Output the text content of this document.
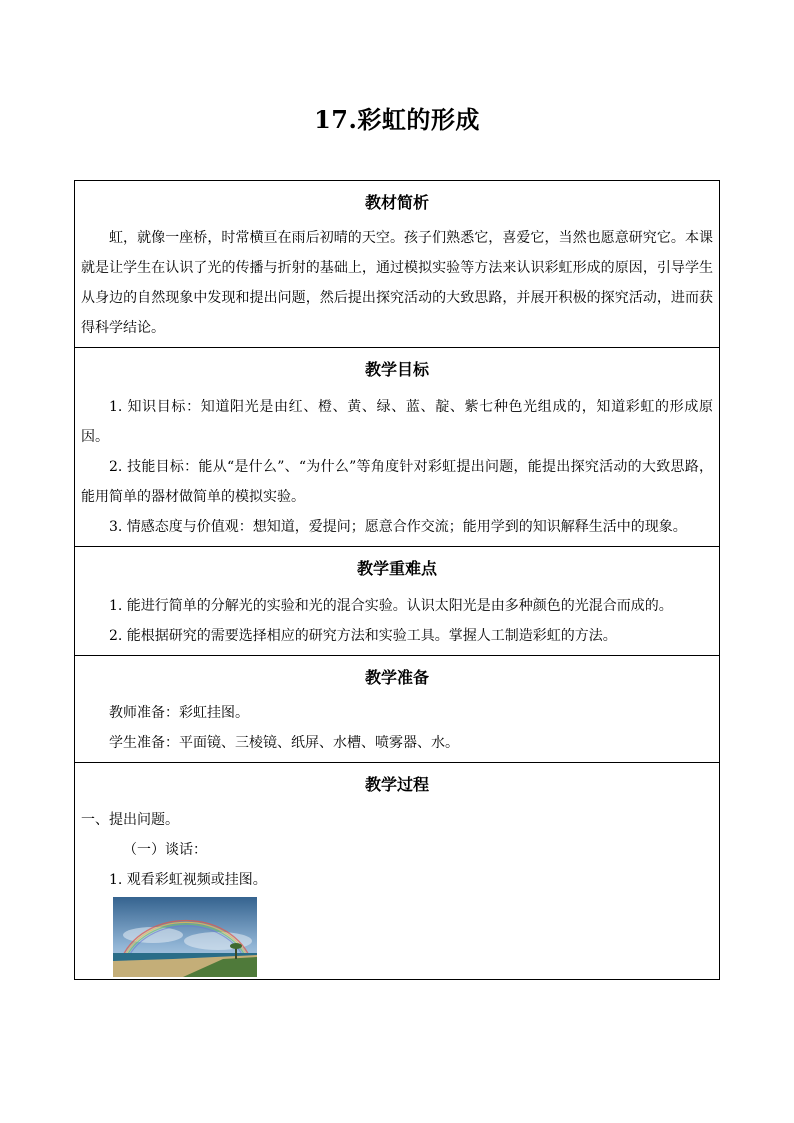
17.彩虹的形成
教材简析

虹，就像一座桥，时常横亘在雨后初晴的天空。孩子们熟悉它，喜爱它，当然也愿意研究它。本课就是让学生在认识了光的传播与折射的基础上，通过模拟实验等方法来认识彩虹形成的原因，引导学生从身边的自然现象中发现和提出问题，然后提出探究活动的大致思路，并展开积极的探究活动，进而获得科学结论。

教学目标

1. 知识目标：知道阳光是由红、橙、黄、绿、蓝、靛、紫七种色光组成的，知道彩虹的形成原因。

2. 技能目标：能从“是什么”、“为什么”等角度针对彩虹提出问题，能提出探究活动的大致思路，能用简单的器材做简单的模拟实验。

3. 情感态度与价值观：想知道，爱提问；愿意合作交流；能用学到的知识解释生活中的现象。

教学重难点

1. 能进行简单的分解光的实验和光的混合实验。认识太阳光是由多种颜色的光混合而成的。

2. 能根据研究的需要选择相应的研究方法和实验工具。掌握人工制造彩虹的方法。

教学准备

教师准备：彩虹挂图。

学生准备：平面镜、三棱镜、纸屏、水槽、喷雾器、水。

教学过程

一、提出问题。

（一）谈话：

1. 观看彩虹视频或挂图。
